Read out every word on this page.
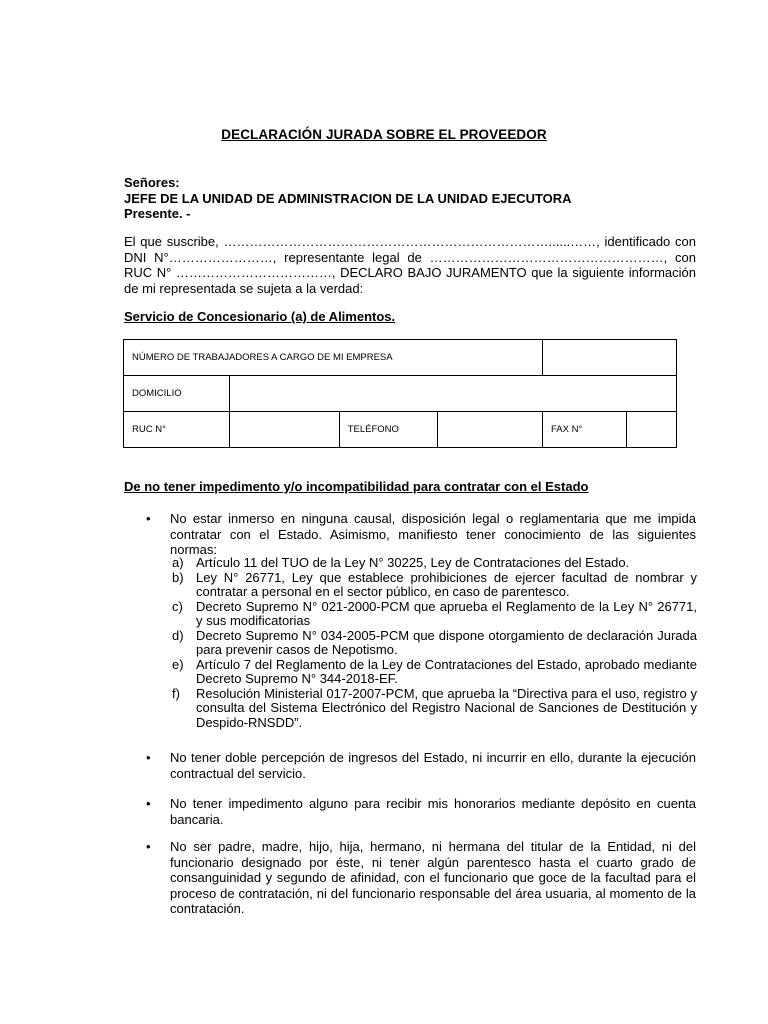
DECLARACIÓN JURADA SOBRE EL PROVEEDOR
Señores:
JEFE DE LA UNIDAD DE ADMINISTRACION DE LA UNIDAD EJECUTORA
Presente. -
El que suscribe, …………………………………………………………………......……, identificado con DNI N°……………………, representante legal de ………………………………………………, con RUC N° ………………………………, DECLARO BAJO JURAMENTO que la siguiente información de mi representada se sujeta a la verdad:
Servicio de Concesionario (a) de Alimentos.
NÚMERO DE TRABAJADORES A CARGO DE MI EMPRESA					
DOMICILIO					
RUC N°		TELÉFONO		FAX N°	
De no tener impedimento y/o incompatibilidad para contratar con el Estado
• No estar inmerso en ninguna causal, disposición legal o reglamentaria que me impida contratar con el Estado. Asimismo, manifiesto tener conocimiento de las siguientes normas:
a) Artículo 11 del TUO de la Ley N° 30225, Ley de Contrataciones del Estado.
b) Ley N° 26771, Ley que establece prohibiciones de ejercer facultad de nombrar y contratar a personal en el sector público, en caso de parentesco.
c)	Decreto Supremo N° 021-2000-PCM que aprueba el Reglamento de la Ley N° 26771, y sus modificatorias
d) Decreto Supremo N° 034-2005-PCM que dispone otorgamiento de declaración Jurada para prevenir casos de Nepotismo.
e) Artículo 7 del Reglamento de la Ley de Contrataciones del Estado, aprobado mediante Decreto Supremo N° 344-2018-EF.
f)	Resolución Ministerial 017-2007-PCM, que aprueba la “Directiva para el uso, registro y consulta del Sistema Electrónico del Registro Nacional de Sanciones de Destitución y Despido-RNSDD”.
• No tener doble percepción de ingresos del Estado, ni incurrir en ello, durante la ejecución contractual del servicio.
• No tener impedimento alguno para recibir mis honorarios mediante depósito en cuenta bancaria.
• No ser padre, madre, hijo, hija, hermano, ni hermana del titular de la Entidad, ni del funcionario designado por éste, ni tener algún parentesco hasta el cuarto grado de consanguinidad y segundo de afinidad, con el funcionario que goce de la facultad para el proceso de contratación, ni del funcionario responsable del área usuaria, al momento de la contratación.
